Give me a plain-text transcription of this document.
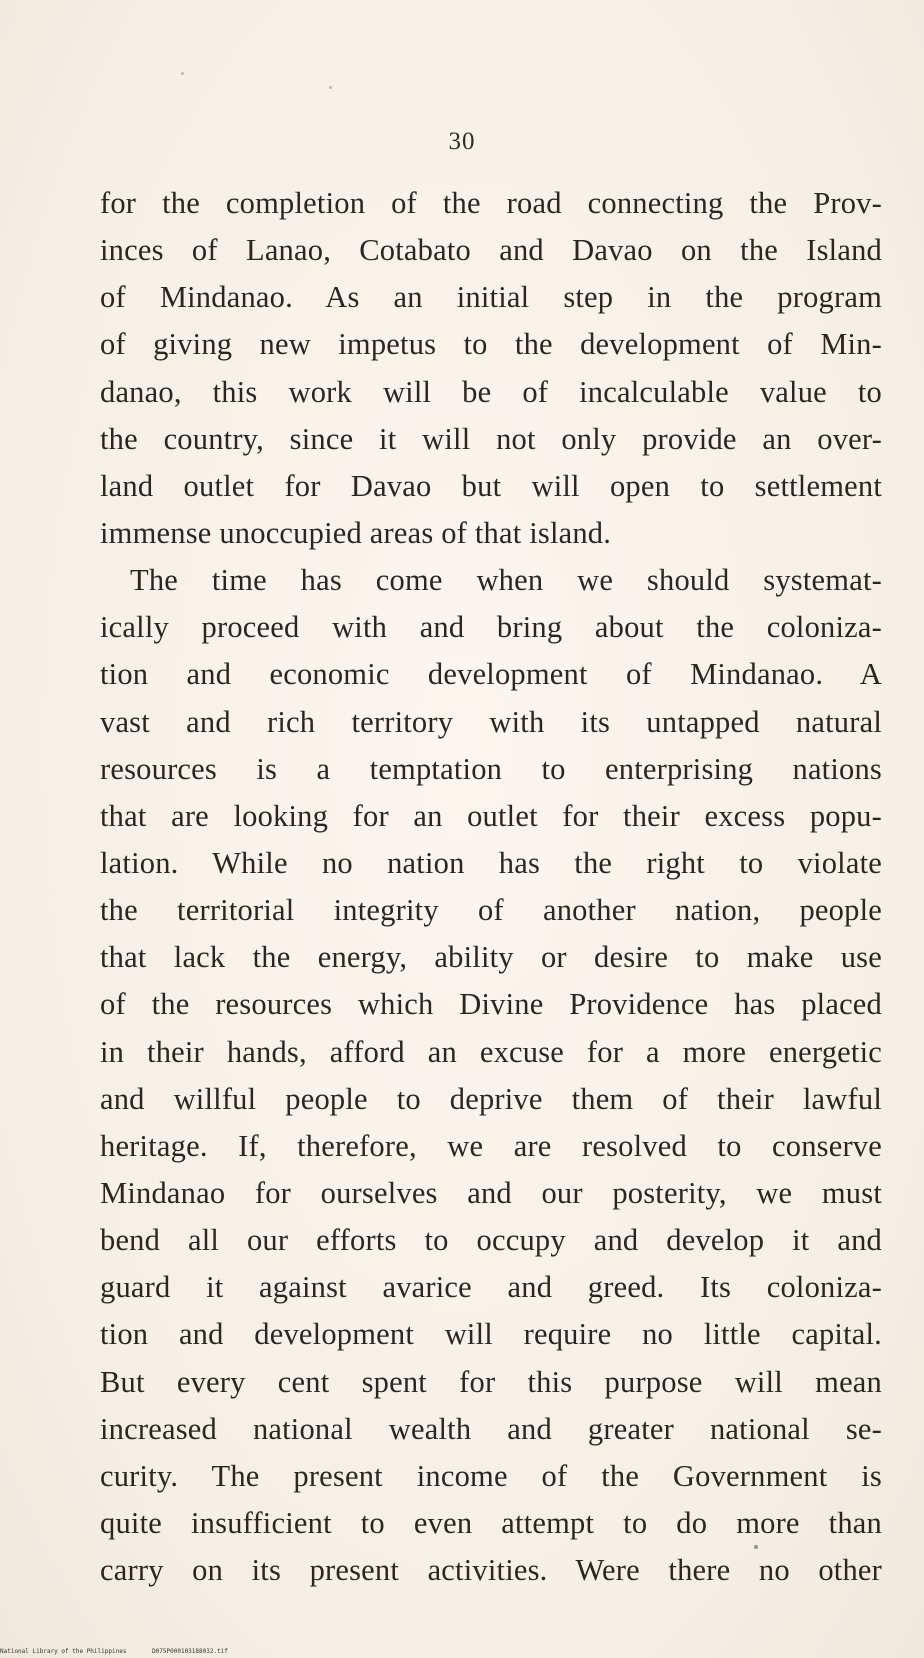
30
for the completion of the road connecting the Prov-
inces of Lanao, Cotabato and Davao on the Island
of Mindanao. As an initial step in the program
of giving new impetus to the development of Min-
danao, this work will be of incalculable value to
the country, since it will not only provide an over-
land outlet for Davao but will open to settlement
immense unoccupied areas of that island.
The time has come when we should systemat-
ically proceed with and bring about the coloniza-
tion and economic development of Mindanao. A
vast and rich territory with its untapped natural
resources is a temptation to enterprising nations
that are looking for an outlet for their excess popu-
lation. While no nation has the right to violate
the territorial integrity of another nation, people
that lack the energy, ability or desire to make use
of the resources which Divine Providence has placed
in their hands, afford an excuse for a more energetic
and willful people to deprive them of their lawful
heritage. If, therefore, we are resolved to conserve
Mindanao for ourselves and our posterity, we must
bend all our efforts to occupy and develop it and
guard it against avarice and greed. Its coloniza-
tion and development will require no little capital.
But every cent spent for this purpose will mean
increased national wealth and greater national se-
curity. The present income of the Government is
quite insufficient to even attempt to do more than
carry on its present activities. Were there no other
National Library of the Philippines	D075P000103188032.tif
